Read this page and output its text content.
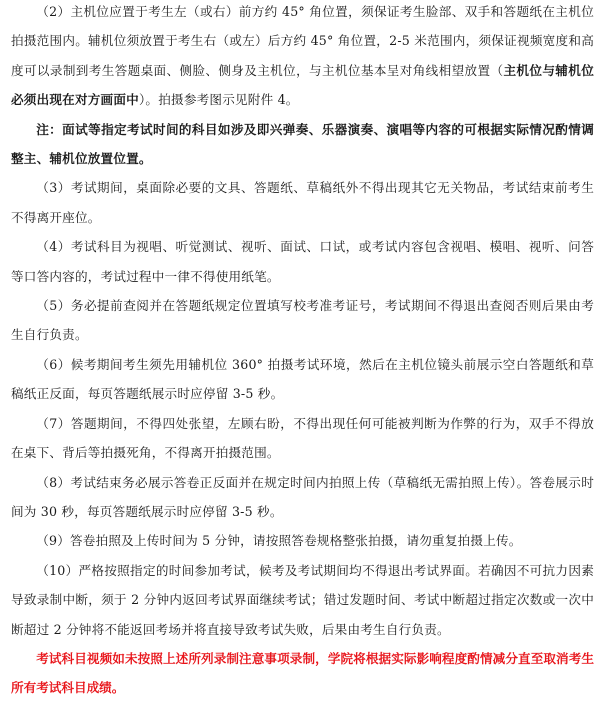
（2）主机位应置于考生左（或右）前方约 45° 角位置，须保证考生脸部、双手和答题纸在主机位拍摄范围内。辅机位须放置于考生右（或左）后方约 45° 角位置，2-5 米范围内，须保证视频宽度和高度可以录制到考生答题桌面、侧脸、侧身及主机位，与主机位基本呈对角线相望放置（主机位与辅机位必须出现在对方画面中）。拍摄参考图示见附件 4。

注：面试等指定考试时间的科目如涉及即兴弹奏、乐器演奏、演唱等内容的可根据实际情况酌情调整主、辅机位放置位置。

（3）考试期间，桌面除必要的文具、答题纸、草稿纸外不得出现其它无关物品，考试结束前考生不得离开座位。

（4）考试科目为视唱、听觉测试、视听、面试、口试，或考试内容包含视唱、模唱、视听、问答等口答内容的，考试过程中一律不得使用纸笔。

（5）务必提前查阅并在答题纸规定位置填写校考准考证号，考试期间不得退出查阅否则后果由考生自行负责。

（6）候考期间考生须先用辅机位 360° 拍摄考试环境，然后在主机位镜头前展示空白答题纸和草稿纸正反面，每页答题纸展示时应停留 3-5 秒。

（7）答题期间，不得四处张望，左顾右盼，不得出现任何可能被判断为作弊的行为，双手不得放在桌下、背后等拍摄死角，不得离开拍摄范围。

（8）考试结束务必展示答卷正反面并在规定时间内拍照上传（草稿纸无需拍照上传）。答卷展示时间为 30 秒，每页答题纸展示时应停留 3-5 秒。

（9）答卷拍照及上传时间为 5 分钟，请按照答卷规格整张拍摄，请勿重复拍摄上传。

（10）严格按照指定的时间参加考试，候考及考试期间均不得退出考试界面。若确因不可抗力因素导致录制中断，须于 2 分钟内返回考试界面继续考试；错过发题时间、考试中断超过指定次数或一次中断超过 2 分钟将不能返回考场并将直接导致考试失败，后果由考生自行负责。

考试科目视频如未按照上述所列录制注意事项录制，学院将根据实际影响程度酌情减分直至取消考生所有考试科目成绩。
